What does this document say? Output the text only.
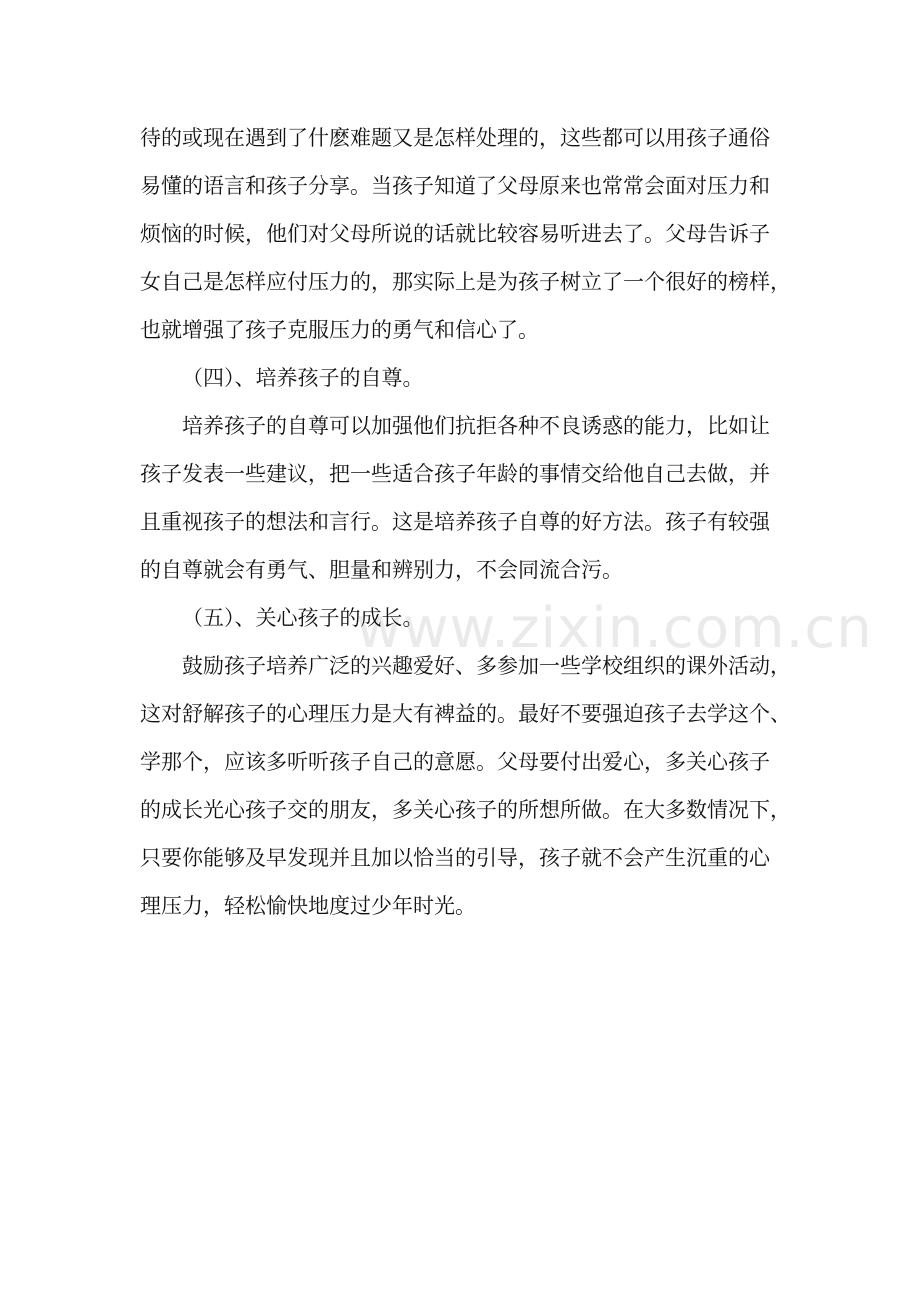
www.zixin.com.cn
待的或现在遇到了什麽难题又是怎样处理的，这些都可以用孩子通俗
易懂的语言和孩子分享。当孩子知道了父母原来也常常会面对压力和
烦恼的时候，他们对父母所说的话就比较容易听进去了。父母告诉子
女自己是怎样应付压力的，那实际上是为孩子树立了一个很好的榜样，
也就增强了孩子克服压力的勇气和信心了。
（四）、培养孩子的自尊。
培养孩子的自尊可以加强他们抗拒各种不良诱惑的能力，比如让
孩子发表一些建议，把一些适合孩子年龄的事情交给他自己去做，并
且重视孩子的想法和言行。这是培养孩子自尊的好方法。孩子有较强
的自尊就会有勇气、胆量和辨别力，不会同流合污。
（五）、关心孩子的成长。
鼓励孩子培养广泛的兴趣爱好、多参加一些学校组织的课外活动，
这对舒解孩子的心理压力是大有裨益的。最好不要强迫孩子去学这个、
学那个，应该多听听孩子自己的意愿。父母要付出爱心，多关心孩子
的成长光心孩子交的朋友，多关心孩子的所想所做。在大多数情况下，
只要你能够及早发现并且加以恰当的引导，孩子就不会产生沉重的心
理压力，轻松愉快地度过少年时光。
